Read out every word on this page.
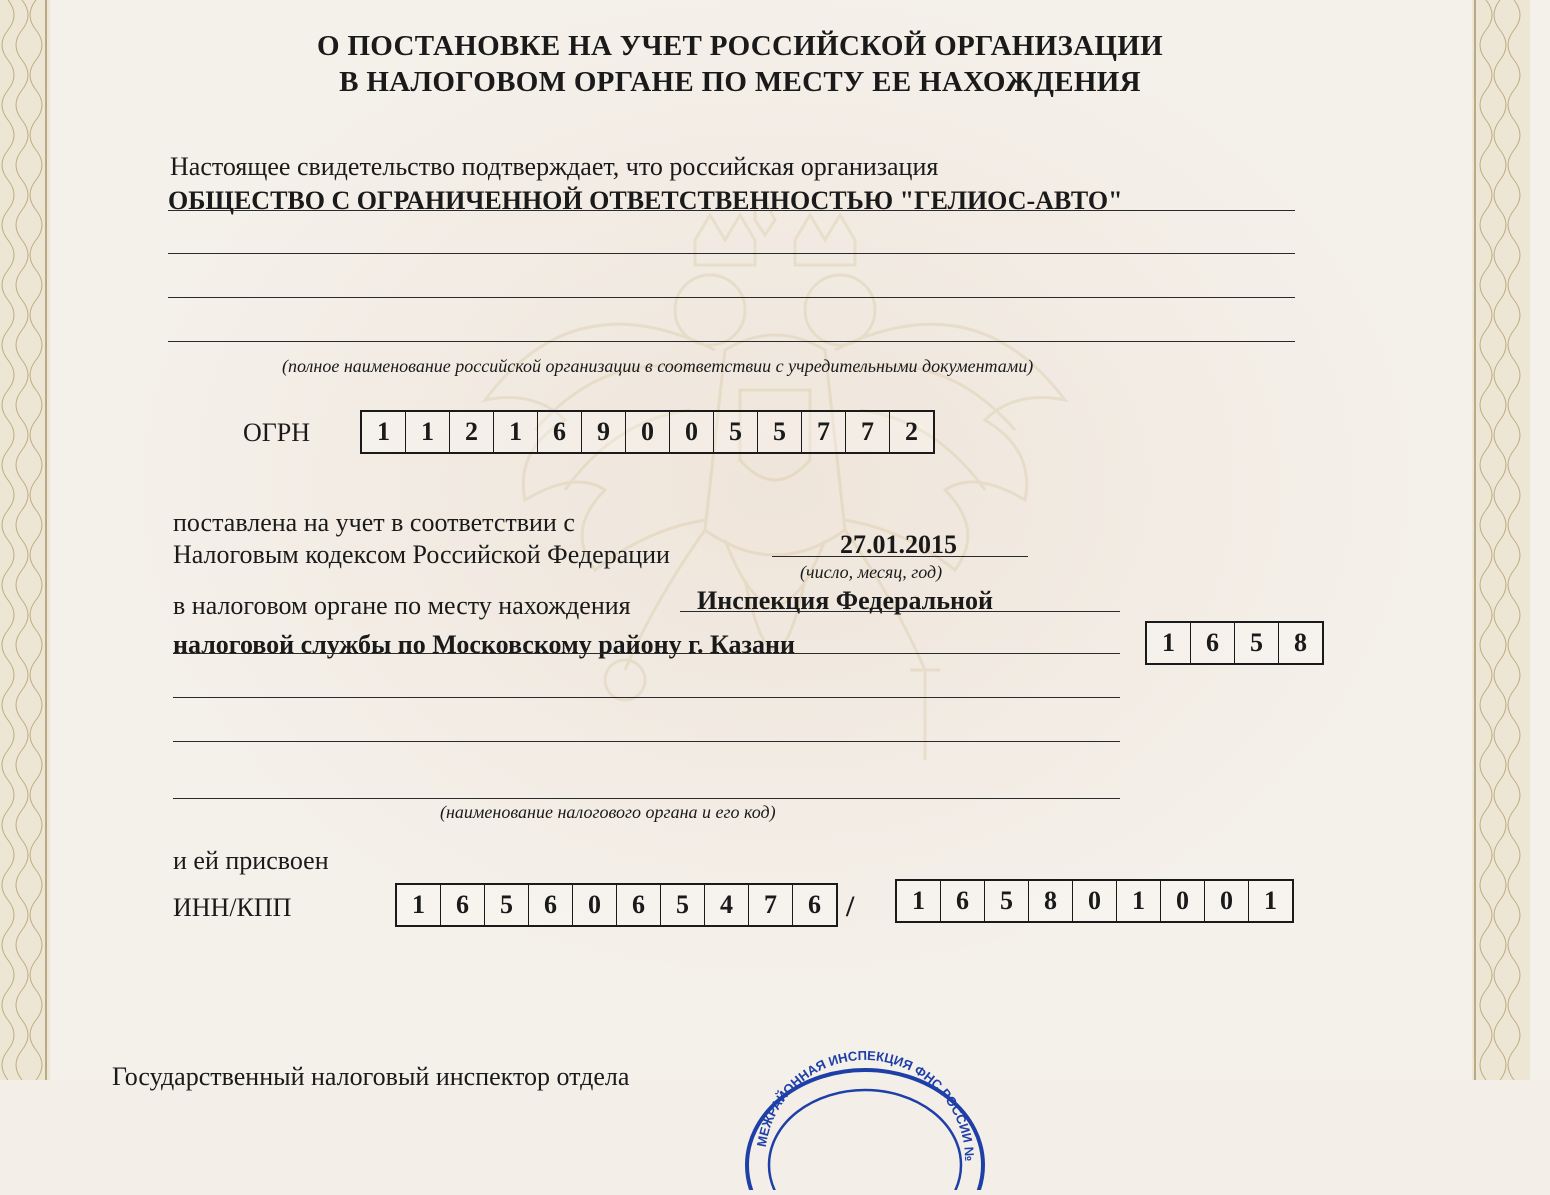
О ПОСТАНОВКЕ НА УЧЕТ РОССИЙСКОЙ ОРГАНИЗАЦИИ
В НАЛОГОВОМ ОРГАНЕ ПО МЕСТУ ЕЕ НАХОЖДЕНИЯ
Настоящее свидетельство подтверждает, что российская организация
ОБЩЕСТВО С ОГРАНИЧЕННОЙ ОТВЕТСТВЕННОСТЬЮ "ГЕЛИОС-АВТО"
(полное наименование российской организации в соответствии с учредительными документами)
ОГРН	1	1	2	1	6	9	0	0	5	5	7	7	2
поставлена на учет в соответствии с
Налоговым кодексом Российской Федерации	27.01.2015
(число, месяц, год)
в налоговом органе по месту нахождения	Инспекция Федеральной
налоговой службы по Московскому району г. Казани	1	6	5	8
(наименование налогового органа и его код)
и ей присвоен
ИНН/КПП	1	6	5	6	0	6	5	4	7	6 /	1	6	5	8	0	1	0	0	1
Государственный налоговый инспектор отдела
МЕЖРАЙОННАЯ ИНСПЕКЦИЯ ФНС РОССИИ №
